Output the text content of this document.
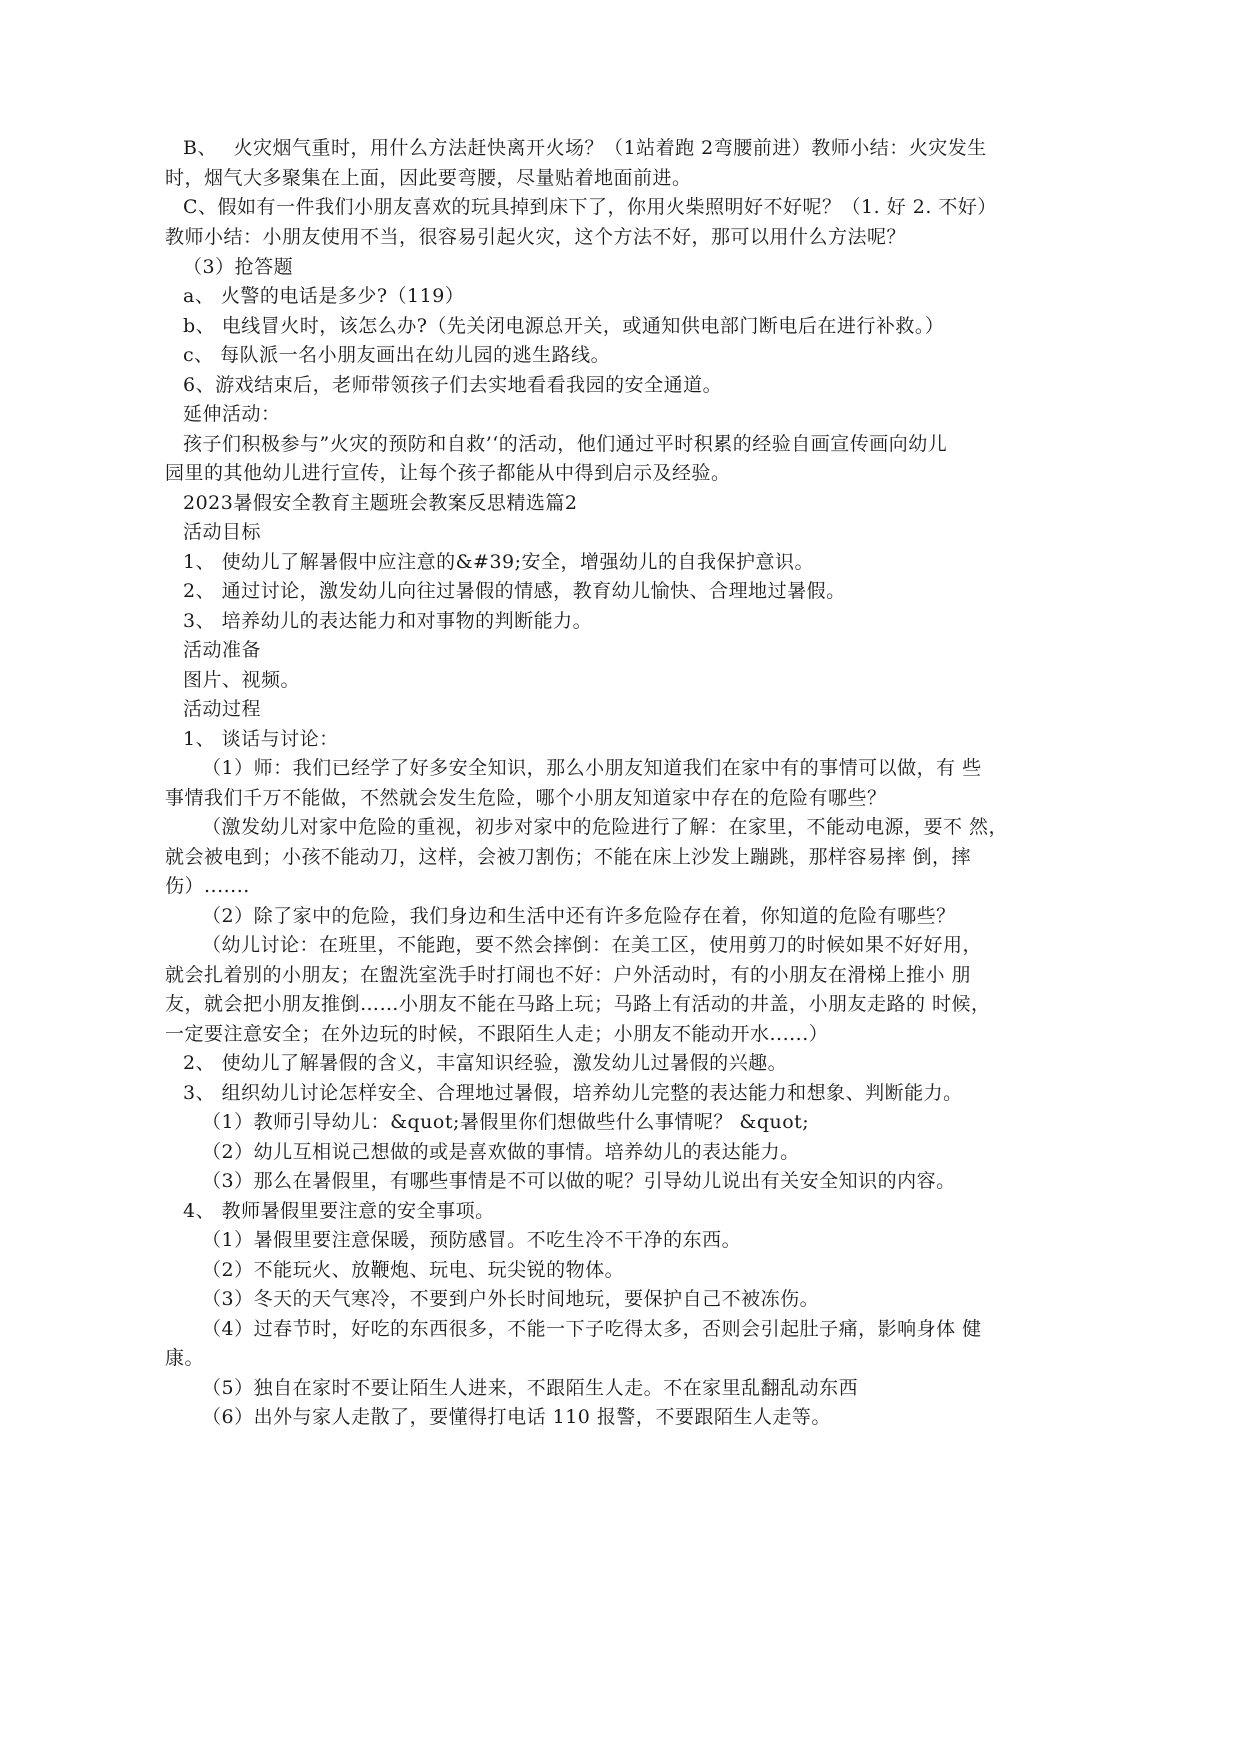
B、　 火灾烟气重时，用什么方法赶快离开火场？（1站着跑 2弯腰前进）教师小结：火灾发生
时，烟气大多聚集在上面，因此要弯腰，尽量贴着地面前进。
C、假如有一件我们小朋友喜欢的玩具掉到床下了，你用火柴照明好不好呢？（1. 好 2. 不好）
教师小结：小朋友使用不当，很容易引起火灾，这个方法不好，那可以用什么方法呢？
（3）抢答题
a、 火警的电话是多少?（119）
b、 电线冒火时，该怎么办?（先关闭电源总开关，或通知供电部门断电后在进行补救。）
c、 每队派一名小朋友画出在幼儿园的逃生路线。
6、游戏结束后，老师带领孩子们去实地看看我园的安全通道。
延伸活动：
孩子们积极参与”火灾的预防和自救’‘的活动，他们通过平时积累的经验自画宣传画向幼儿
园里的其他幼儿进行宣传，让每个孩子都能从中得到启示及经验。
2023暑假安全教育主题班会教案反思精选篇2
活动目标
1、 使幼儿了解暑假中应注意的&#39;安全，增强幼儿的自我保护意识。
2、 通过讨论，激发幼儿向往过暑假的情感，教育幼儿愉快、合理地过暑假。
3、 培养幼儿的表达能力和对事物的判断能力。
活动准备
图片、视频。
活动过程
1、 谈话与讨论：
（1）师：我们已经学了好多安全知识，那么小朋友知道我们在家中有的事情可以做，有 些
事情我们千万不能做，不然就会发生危险，哪个小朋友知道家中存在的危险有哪些？
（激发幼儿对家中危险的重视，初步对家中的危险进行了解：在家里，不能动电源，要不 然，
就会被电到；小孩不能动刀，这样，会被刀割伤；不能在床上沙发上蹦跳，那样容易摔 倒，摔
伤）.......
（2）除了家中的危险，我们身边和生活中还有许多危险存在着，你知道的危险有哪些？
（幼儿讨论：在班里，不能跑，要不然会摔倒：在美工区，使用剪刀的时候如果不好好用，
就会扎着别的小朋友；在盥洗室洗手时打闹也不好：户外活动时，有的小朋友在滑梯上推小 朋
友，就会把小朋友推倒……小朋友不能在马路上玩；马路上有活动的井盖，小朋友走路的 时候，
一定要注意安全；在外边玩的时候，不跟陌生人走；小朋友不能动开水......）
2、 使幼儿了解暑假的含义，丰富知识经验，激发幼儿过暑假的兴趣。
3、 组织幼儿讨论怎样安全、合理地过暑假，培养幼儿完整的表达能力和想象、判断能力。
（1）教师引导幼儿：&quot;暑假里你们想做些什么事情呢？ &quot;
（2）幼儿互相说己想做的或是喜欢做的事情。培养幼儿的表达能力。
（3）那么在暑假里，有哪些事情是不可以做的呢？引导幼儿说出有关安全知识的内容。
4、 教师暑假里要注意的安全事项。
（1）暑假里要注意保暖，预防感冒。不吃生冷不干净的东西。
（2）不能玩火、放鞭炮、玩电、玩尖锐的物体。
（3）冬天的天气寒冷，不要到户外长时间地玩，要保护自己不被冻伤。
（4）过春节时，好吃的东西很多，不能一下子吃得太多，否则会引起肚子痛，影响身体 健
康。
（5）独自在家时不要让陌生人进来，不跟陌生人走。不在家里乱翻乱动东西
（6）出外与家人走散了，要懂得打电话 110 报警，不要跟陌生人走等。
